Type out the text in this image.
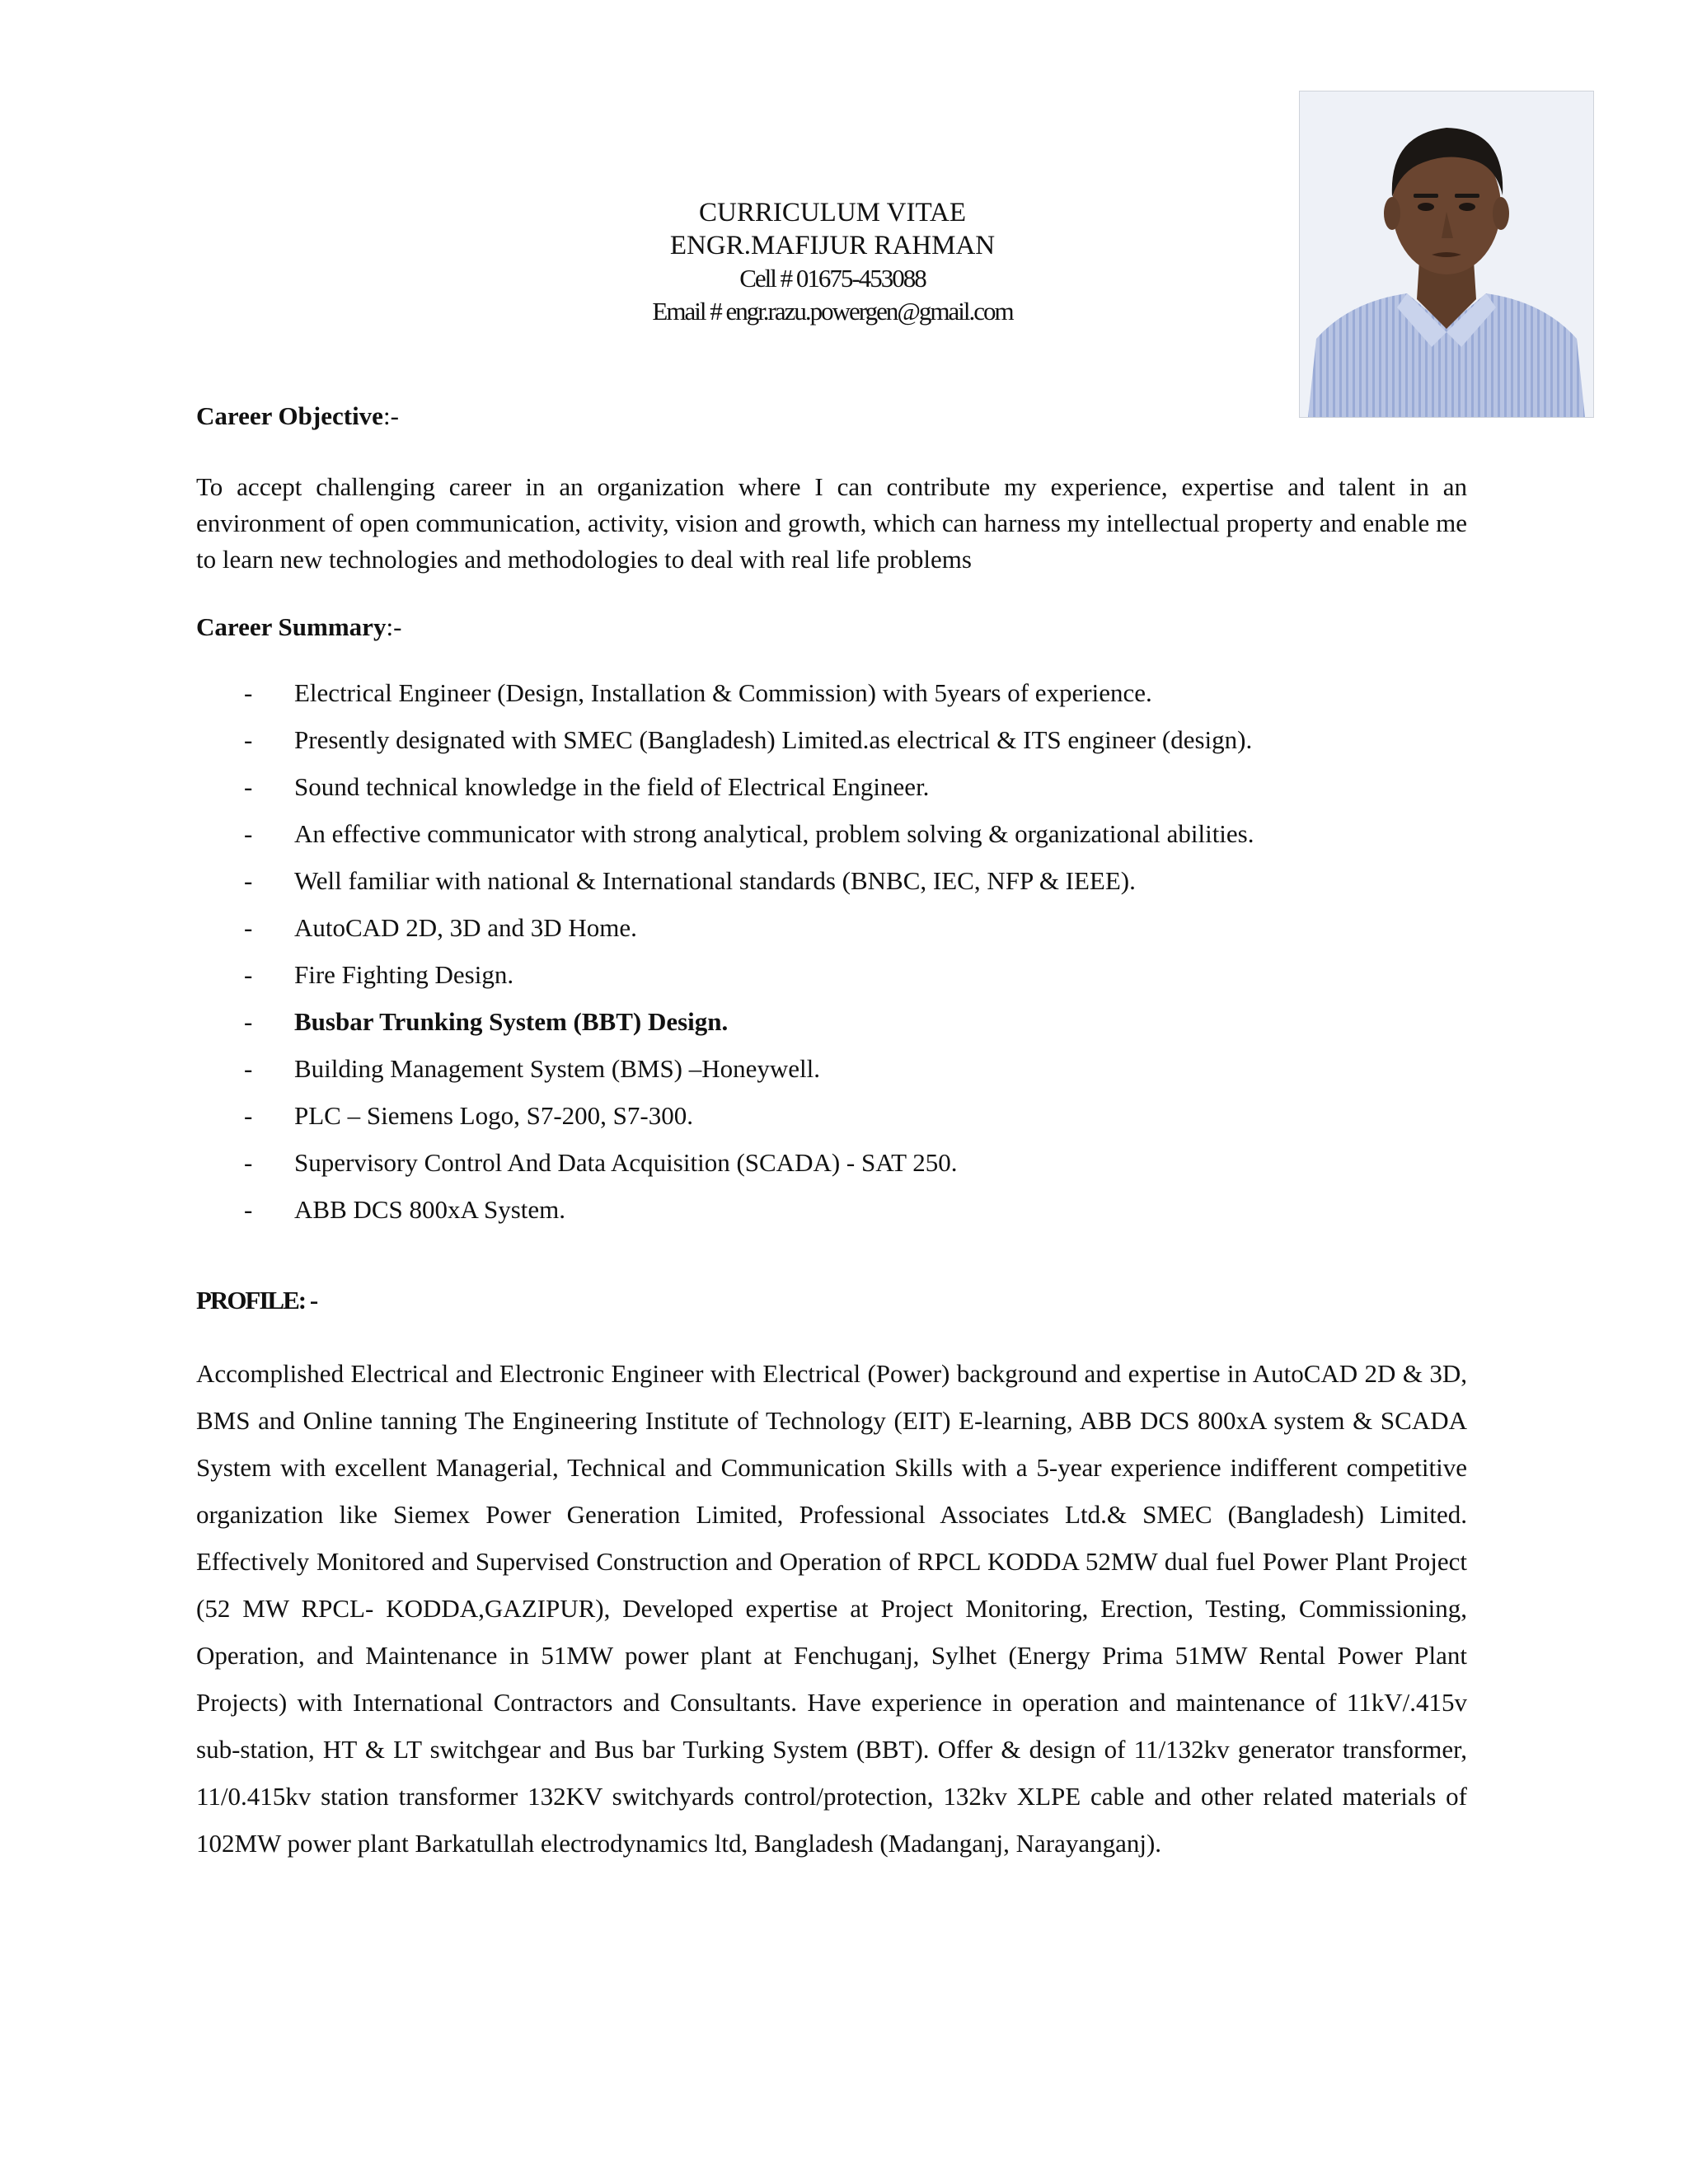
CURRICULUM VITAE
ENGR.MAFIJUR RAHMAN
Cell # 01675-453088
Email # engr.razu.powergen@gmail.com

Career Objective:-

To accept challenging career in an organization where I can contribute my experience, expertise and talent in an environment of open communication, activity, vision and growth, which can harness my intellectual property and enable me to learn new technologies and methodologies to deal with real life problems

Career Summary:-

- Electrical Engineer (Design, Installation & Commission) with 5years of experience.
- Presently designated with SMEC (Bangladesh) Limited.as electrical & ITS engineer (design).
- Sound technical knowledge in the field of Electrical Engineer.
- An effective communicator with strong analytical, problem solving & organizational abilities.
- Well familiar with national & International standards (BNBC, IEC, NFP & IEEE).
- AutoCAD 2D, 3D and 3D Home.
- Fire Fighting Design.
- Busbar Trunking System (BBT) Design.
- Building Management System (BMS) –Honeywell.
- PLC – Siemens Logo, S7-200, S7-300.
- Supervisory Control And Data Acquisition (SCADA) - SAT 250.
- ABB DCS 800xA System.

PROFILE: -

Accomplished Electrical and Electronic Engineer with Electrical (Power) background and expertise in AutoCAD 2D & 3D, BMS and Online tanning The Engineering Institute of Technology (EIT) E-learning, ABB DCS 800xA system & SCADA System with excellent Managerial, Technical and Communication Skills with a 5-year experience indifferent competitive organization like Siemex Power Generation Limited, Professional Associates Ltd.& SMEC (Bangladesh) Limited. Effectively Monitored and Supervised Construction and Operation of RPCL KODDA 52MW dual fuel Power Plant Project (52 MW RPCL- KODDA,GAZIPUR), Developed expertise at Project Monitoring, Erection, Testing, Commissioning, Operation, and Maintenance in 51MW power plant at Fenchuganj, Sylhet (Energy Prima 51MW Rental Power Plant Projects) with International Contractors and Consultants. Have experience in operation and maintenance of 11kV/.415v sub-station, HT & LT switchgear and Bus bar Turking System (BBT). Offer & design of 11/132kv generator transformer, 11/0.415kv station transformer 132KV switchyards control/protection, 132kv XLPE cable and other related materials of 102MW power plant Barkatullah electrodynamics ltd, Bangladesh (Madanganj, Narayanganj).
